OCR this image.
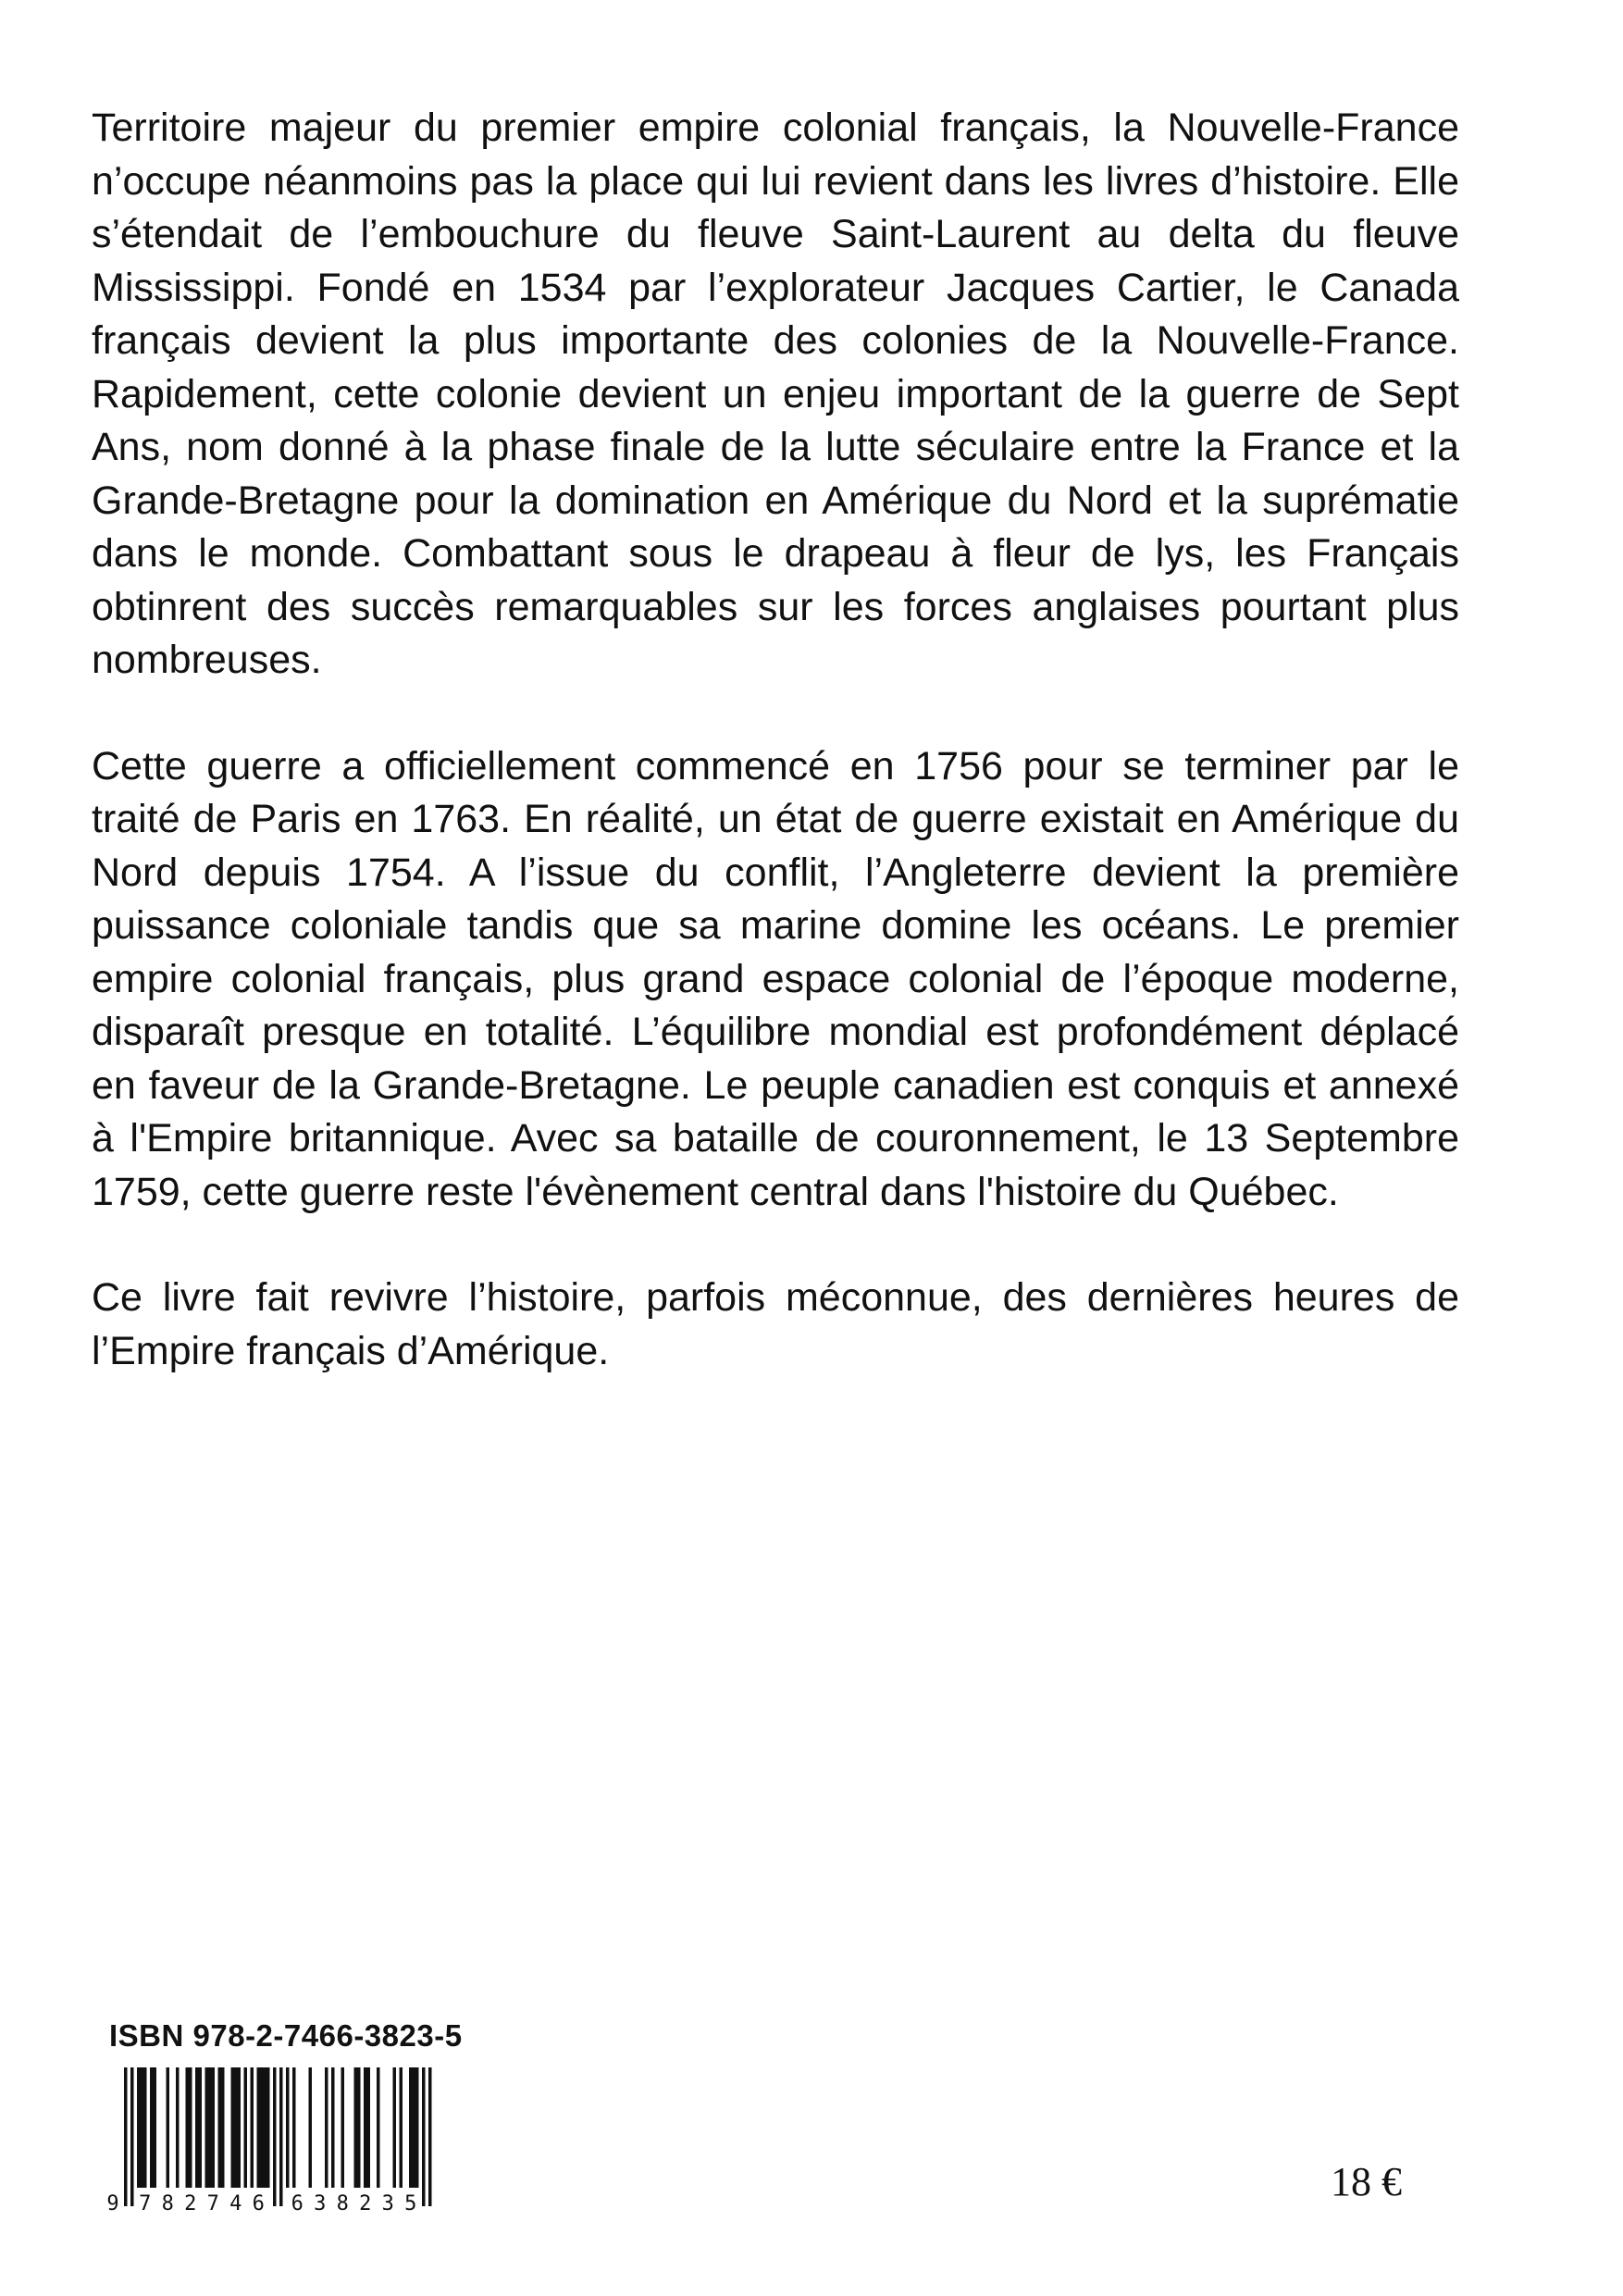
Territoire majeur du premier empire colonial français, la Nouvelle-France n’occupe néanmoins pas la place qui lui revient dans les livres d’histoire. Elle s’étendait de l’embouchure du fleuve Saint-Laurent au delta du fleuve Mississippi. Fondé en 1534 par l’explorateur Jacques Cartier, le Canada français devient la plus importante des colonies de la Nouvelle-France. Rapidement, cette colonie devient un enjeu important de la guerre de Sept Ans, nom donné à la phase finale de la lutte séculaire entre la France et la Grande-Bretagne pour la domination en Amérique du Nord et la suprématie dans le monde. Combattant sous le drapeau à fleur de lys, les Français obtinrent des succès remarquables sur les forces anglaises pourtant plus nombreuses.

Cette guerre a officiellement commencé en 1756 pour se terminer par le traité de Paris en 1763. En réalité, un état de guerre existait en Amérique du Nord depuis 1754. A l’issue du conflit, l’Angleterre devient la première puissance coloniale tandis que sa marine domine les océans. Le premier empire colonial français, plus grand espace colonial de l’époque moderne, disparaît presque en totalité. L’équilibre mondial est profondément déplacé en faveur de la Grande-Bretagne. Le peuple canadien est conquis et annexé à l'Empire britannique. Avec sa bataille de couronnement, le 13 Septembre 1759, cette guerre reste l'évènement central dans l'histoire du Québec.

Ce livre fait revivre l’histoire, parfois méconnue, des dernières heures de l’Empire français d’Amérique.

ISBN 978-2-7466-3823-5
9 7 8 2 7 4 6 6 3 8 2 3 5	18 €
